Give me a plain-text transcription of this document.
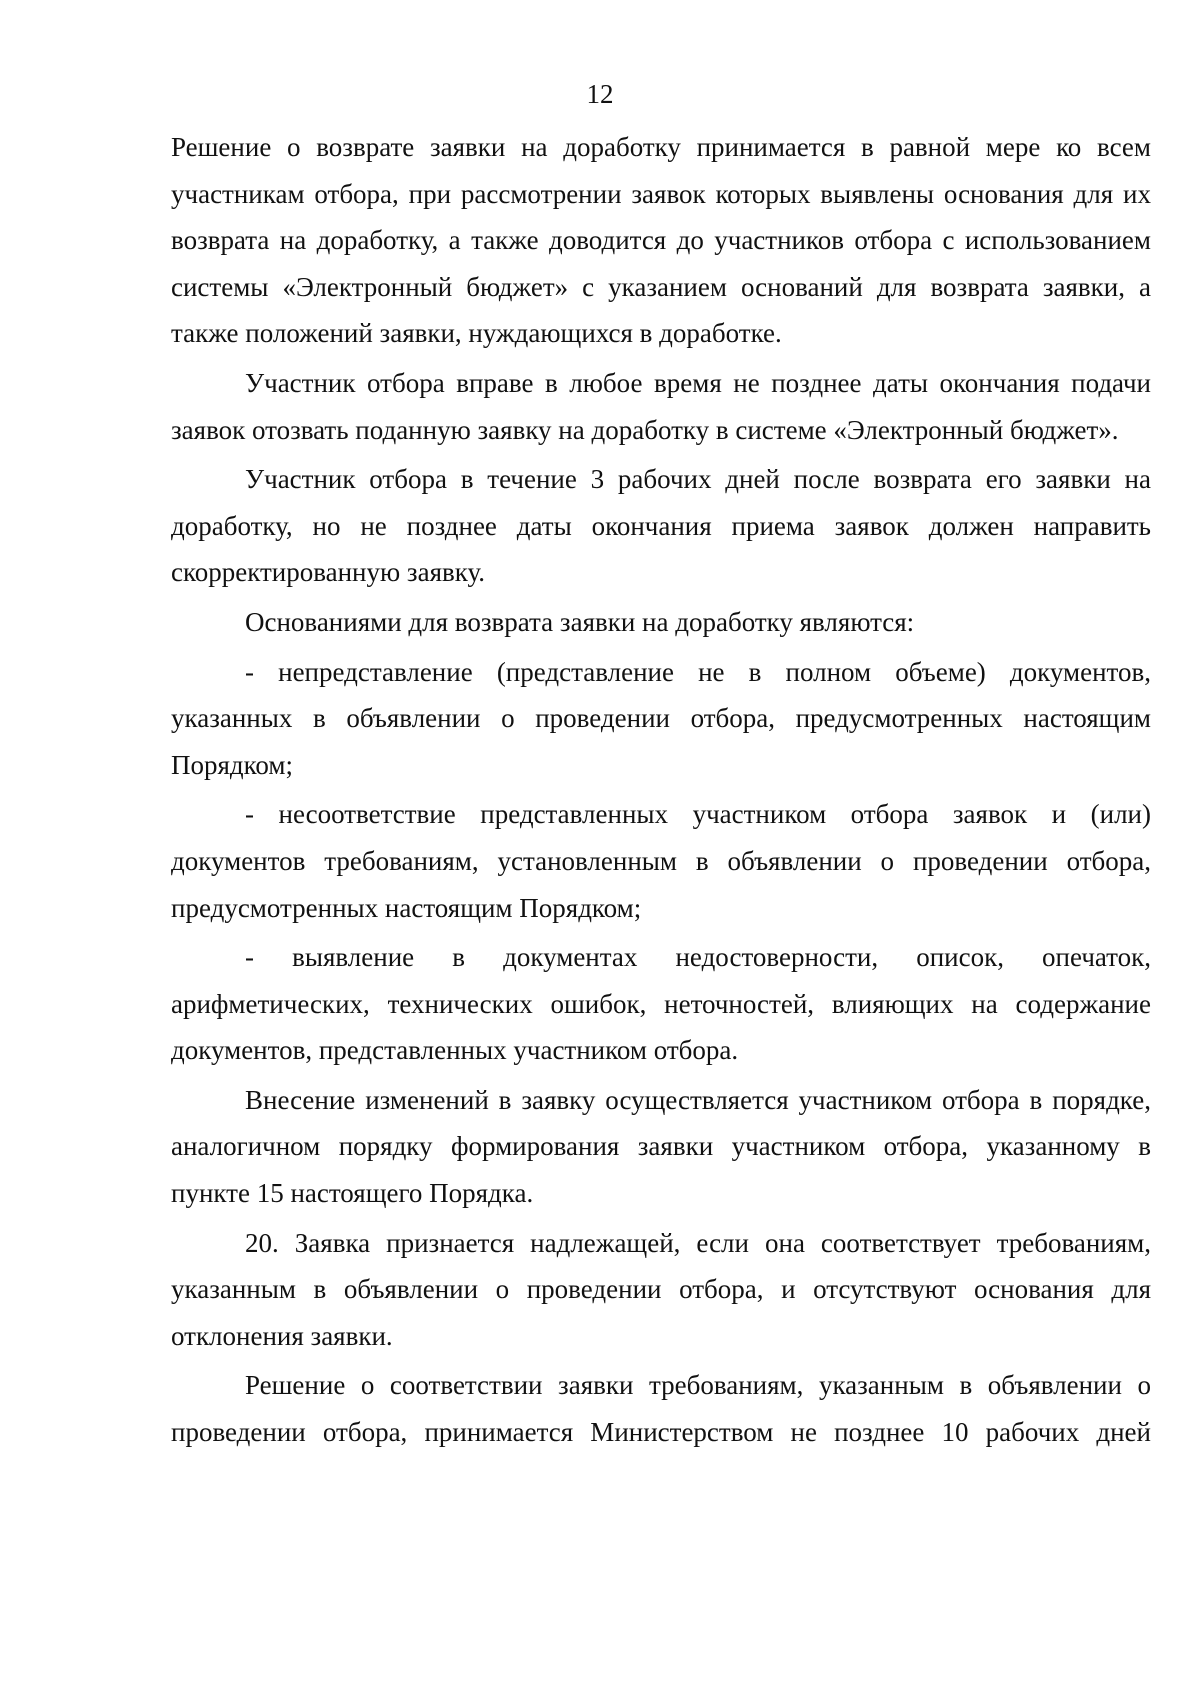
12

Решение о возврате заявки на доработку принимается в равной мере ко всем участникам отбора, при рассмотрении заявок которых выявлены основания для их возврата на доработку, а также доводится до участников отбора с использованием системы «Электронный бюджет» с указанием оснований для возврата заявки, а также положений заявки, нуждающихся в доработке.

Участник отбора вправе в любое время не позднее даты окончания подачи заявок отозвать поданную заявку на доработку в системе «Электронный бюджет».

Участник отбора в течение 3 рабочих дней после возврата его заявки на доработку, но не позднее даты окончания приема заявок должен направить скорректированную заявку.

Основаниями для возврата заявки на доработку являются:

- непредставление (представление не в полном объеме) документов, указанных в объявлении о проведении отбора, предусмотренных настоящим Порядком;

- несоответствие представленных участником отбора заявок и (или) документов требованиям, установленным в объявлении о проведении отбора, предусмотренных настоящим Порядком;

- выявление в документах недостоверности, описок, опечаток, арифметических, технических ошибок, неточностей, влияющих на содержание документов, представленных участником отбора.

Внесение изменений в заявку осуществляется участником отбора в порядке, аналогичном порядку формирования заявки участником отбора, указанному в пункте 15 настоящего Порядка.

20. Заявка признается надлежащей, если она соответствует требованиям, указанным в объявлении о проведении отбора, и отсутствуют основания для отклонения заявки.

Решение о соответствии заявки требованиям, указанным в объявлении о проведении отбора, принимается Министерством не позднее 10 рабочих дней
